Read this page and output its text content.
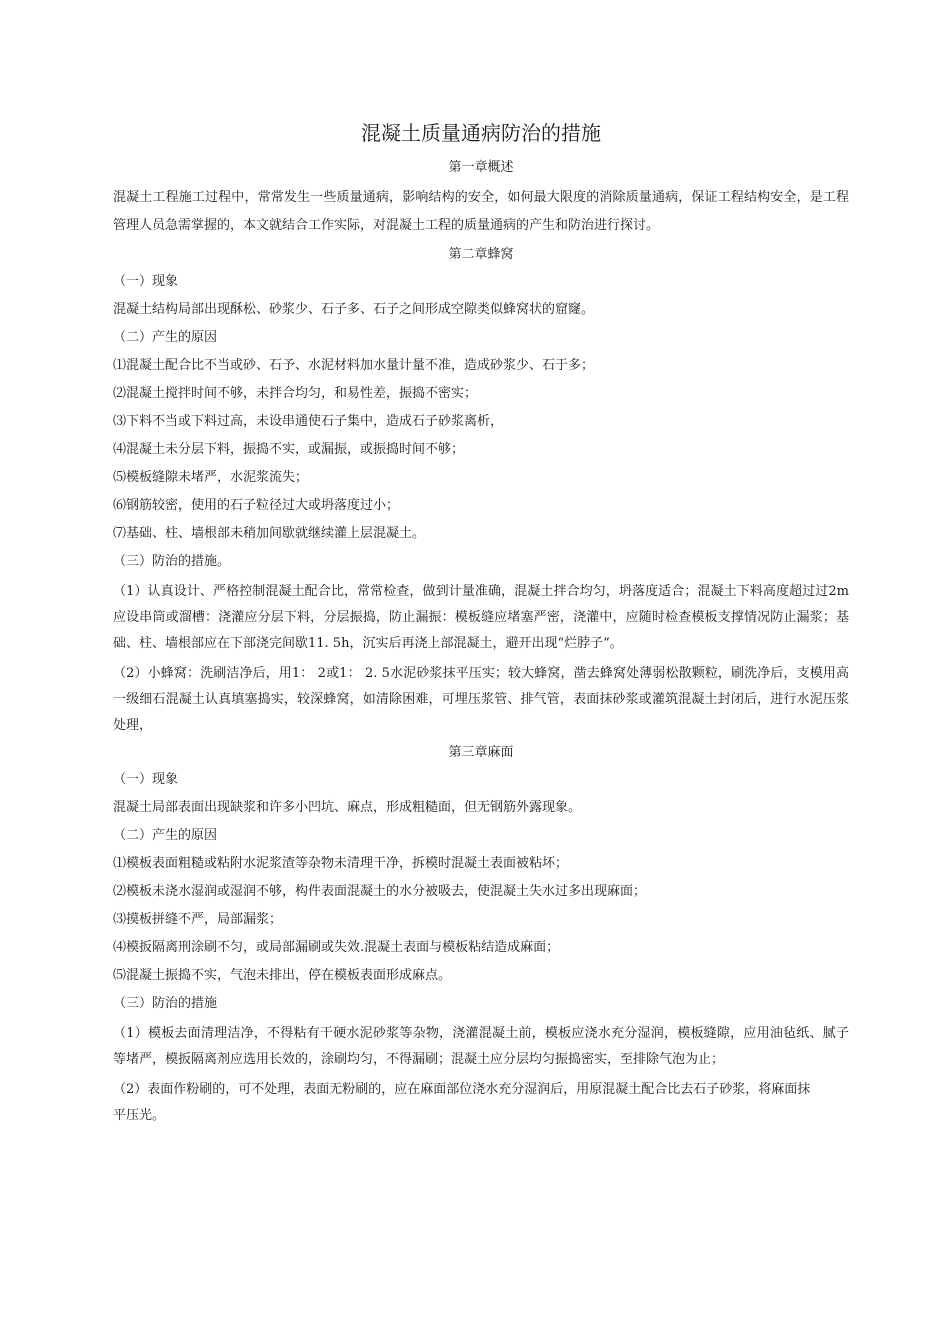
混凝土质量通病防治的措施
第一章概述

混凝土工程施工过程中，常常发生一些质量通病，影响结构的安全，如何最大限度的消除质量通病，保证工程结构安全，是工程管理人员急需掌握的，本文就结合工作实际，对混凝土工程的质量通病的产生和防治进行探讨。

第二章蜂窝
（一）现象
混凝土结构局部出现酥松、砂浆少、石子多、石子之间形成空隙类似蜂窝状的窟窿。
（二）产生的原因
⑴混凝土配合比不当或砂、石予、水泥材料加水量计量不准，造成砂浆少、石于多；
⑵混凝土搅拌时间不够，未拌合均匀，和易性差，振捣不密实；
⑶下料不当或下料过高，未设串通使石子集中，造成石子砂浆离析，
⑷混凝土未分层下料，振捣不实，或漏振，或振捣时间不够；
⑸模板缝隙未堵严，水泥浆流失；
⑹钢筋较密，使用的石子粒径过大或坍落度过小；
⑺基础、柱、墙根部未稍加间歇就继续灌上层混凝土。
（三）防治的措施。

（1）认真设计、严格控制混凝土配合比，常常检查，做到计量准确，混凝土拌合均匀，坍落度适合；混凝土下料高度超过过2m应设串筒或溜槽：浇灌应分层下料，分层振捣，防止漏振：模板缝应堵塞严密，浇灌中，应随时检查模板支撑情况防止漏浆；基础、柱、墙根部应在下部浇完间歇11. 5h，沉实后再浇上部混凝土，避开出现“烂脖子”。

（2）小蜂窝：洗刷洁净后，用1： 2或1： 2. 5水泥砂浆抹平压实；较大蜂窝，凿去蜂窝处薄弱松散颗粒，刷洗净后，支模用高一级细石混凝土认真填塞捣实，较深蜂窝，如清除困难，可埋压浆管、排气管，表面抹砂浆或灌筑混凝土封闭后，进行水泥压浆处理，

第三章麻面
（一）现象
混凝土局部表面出现缺浆和许多小凹坑、麻点，形成粗糙面，但无钢筋外露现象。
（二）产生的原因
⑴模板表面粗糙或粘附水泥浆渣等杂物未清理干净，拆模时混凝土表面被粘坏；
⑵模板未浇水湿润或湿润不够，构件表面混凝土的水分被吸去，使混凝土失水过多出现麻面；
⑶摸板拼缝不严，局部漏浆；
⑷模扳隔离刑涂刷不匀，或局部漏刷或失效.混凝土表面与模板粘结造成麻面；
⑸混凝土振捣不实，气泡未排出，停在模板表面形成麻点。
（三）防治的措施

（1）模板去面清理洁净，不得粘有干硬水泥砂浆等杂物，浇灌混凝土前，模板应浇水充分湿润，模板缝隙，应用油毡纸、腻子等堵严，模扳隔离剂应选用长效的，涂刷均匀，不得漏刷；混凝土应分层均匀振捣密实，至排除气泡为止；

（2）表面作粉刷的，可不处理，表面无粉刷的，应在麻面部位浇水充分湿润后，用原混凝土配合比去石子砂浆，将麻面抹平压光。
